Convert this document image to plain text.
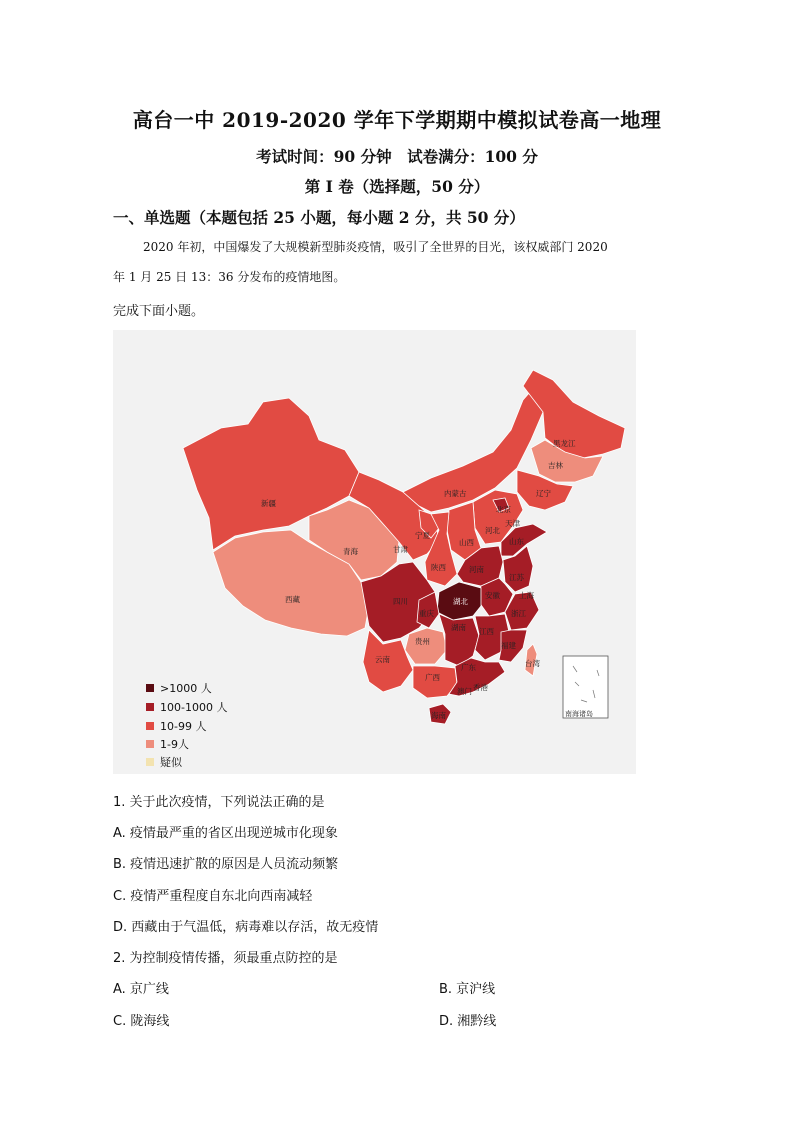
高台一中 2019-2020 学年下学期期中模拟试卷高一地理
考试时间：90 分钟　试卷满分：100 分
第 I 卷（选择题，50 分）
一、单选题（本题包括 25 小题，每小题 2 分，共 50 分）
2020 年初，中国爆发了大规模新型肺炎疫情，吸引了全世界的目光，该权威部门 2020
年 1 月 25 日 13：36 分发布的疫情地图。
完成下面小题。
黑龙江
吉林
辽宁
内蒙古
北京
天津
河北
山西	山东
新疆
青海	甘肃
宁夏
陕西	河南
江苏
上海
安徽
湖北
西藏	四川
重庆	浙江
贵州
湖南 江西
福建
云南
广西
广东	台湾
香港
澳门
海南	南海诸岛
>1000 人
100-1000 人
10-99 人
1-9人
疑似
1. 关于此次疫情，下列说法正确的是
A. 疫情最严重的省区出现逆城市化现象
B. 疫情迅速扩散的原因是人员流动频繁
C. 疫情严重程度自东北向西南减轻
D. 西藏由于气温低，病毒难以存活，故无疫情
2. 为控制疫情传播，须最重点防控的是
A. 京广线	B. 京沪线
C. 陇海线	D. 湘黔线
